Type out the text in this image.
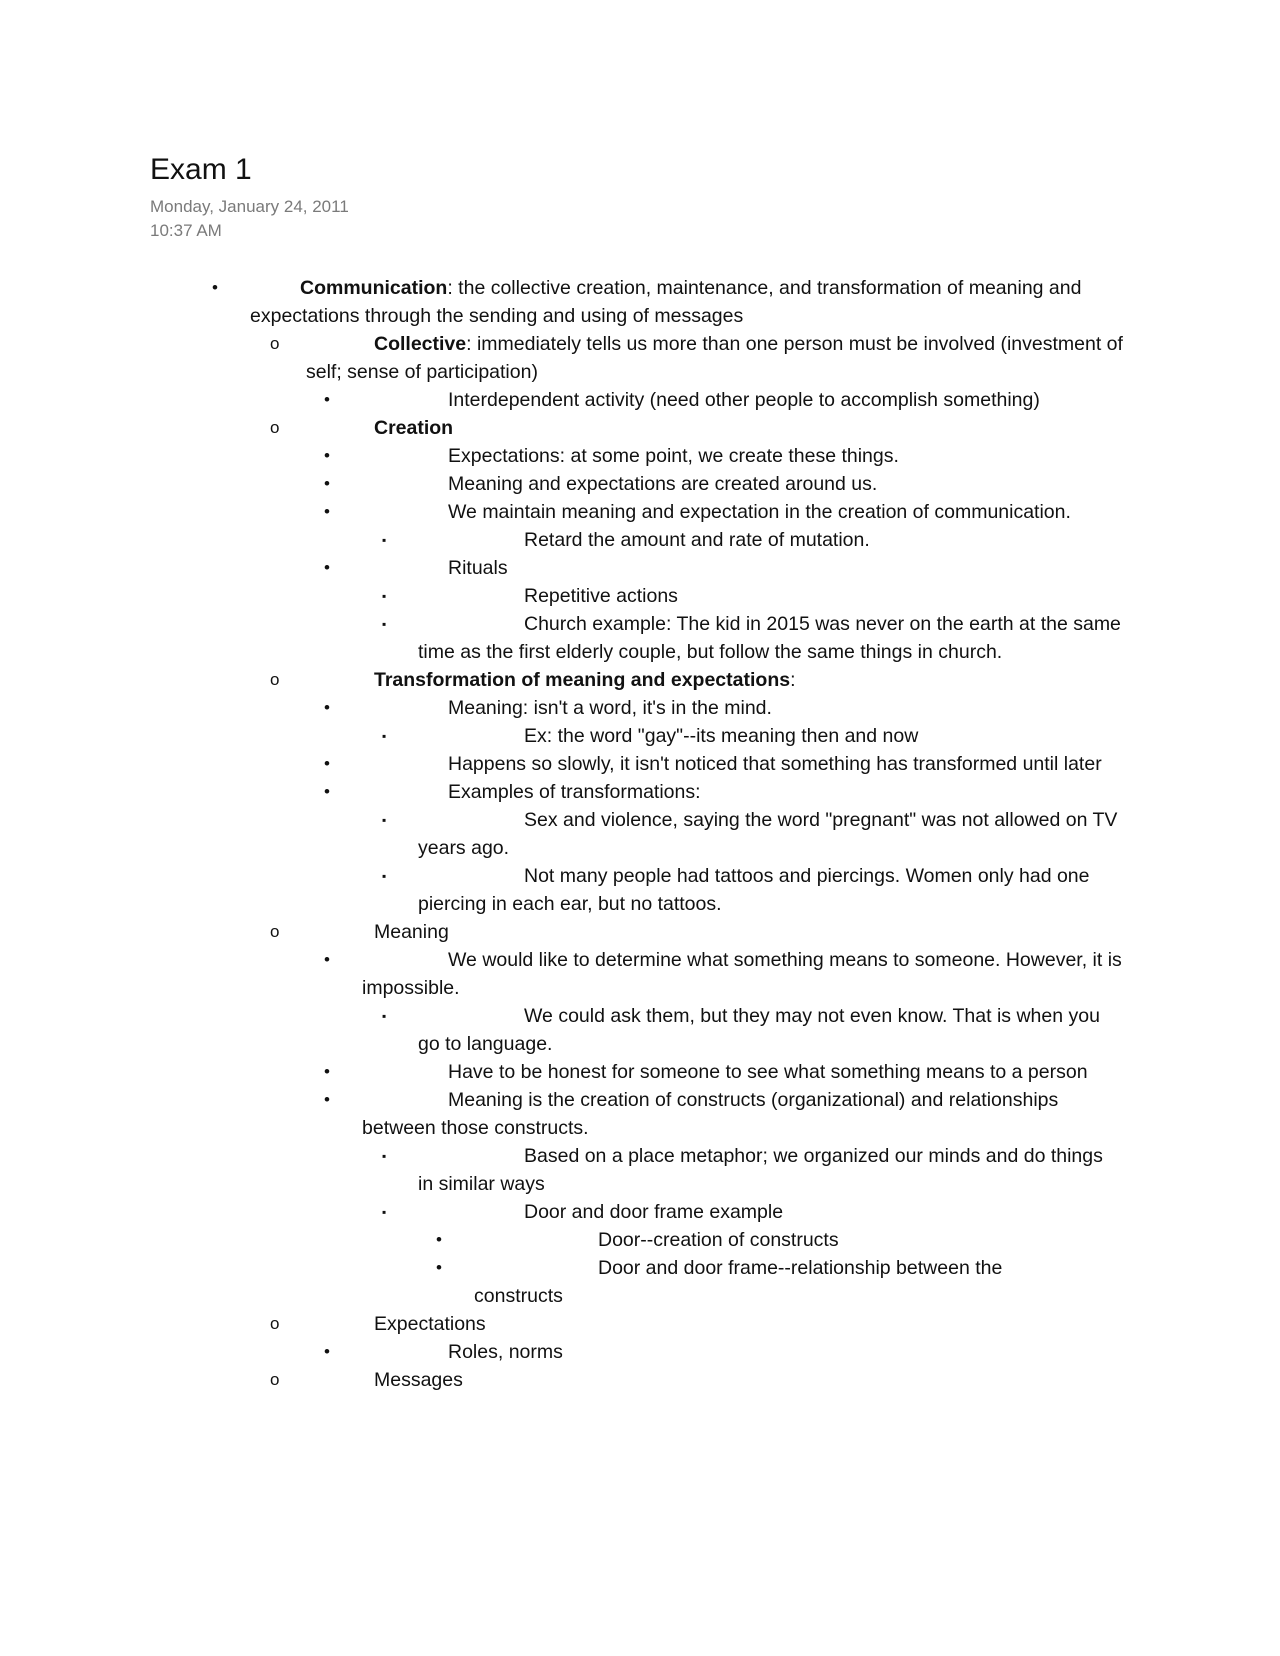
Exam 1
Monday, January 24, 2011
10:37 AM

•	Communication: the collective creation, maintenance, and transformation of meaning and expectations through the sending and using of messages

o	Collective: immediately tells us more than one person must be involved (investment of self; sense of participation)

•	Interdependent activity (need other people to accomplish something)

o	Creation

•	Expectations: at some point, we create these things.

•	Meaning and expectations are created around us.

•	We maintain meaning and expectation in the creation of communication.

▪	Retard the amount and rate of mutation.

•	Rituals

▪	Repetitive actions

▪	Church example: The kid in 2015 was never on the earth at the same time as the first elderly couple, but follow the same things in church.

o	Transformation of meaning and expectations:

•	Meaning: isn't a word, it's in the mind.

▪	Ex: the word "gay"--its meaning then and now

•	Happens so slowly, it isn't noticed that something has transformed until later

•	Examples of transformations:

▪	Sex and violence, saying the word "pregnant" was not allowed on TV years ago.

▪	Not many people had tattoos and piercings. Women only had one piercing in each ear, but no tattoos.

o	Meaning

•	We would like to determine what something means to someone. However, it is impossible.

▪	We could ask them, but they may not even know. That is when you go to language.

•	Have to be honest for someone to see what something means to a person

•	Meaning is the creation of constructs (organizational) and relationships between those constructs.

▪	Based on a place metaphor; we organized our minds and do things in similar ways

▪	Door and door frame example

•	Door--creation of constructs

•	Door and door frame--relationship between the constructs

o	Expectations

•	Roles, norms

o	Messages
